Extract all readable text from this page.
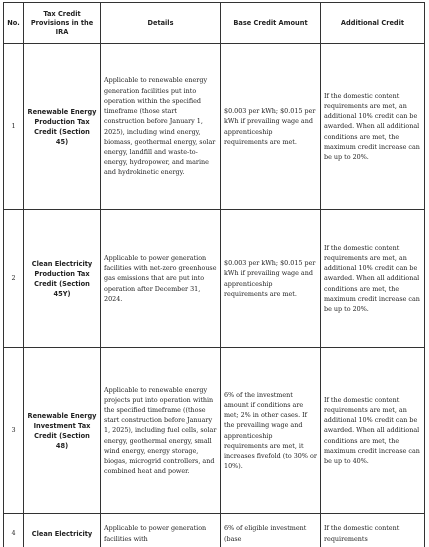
No.	Tax Credit Provisions in the IRA	Details	Base Credit Amount	Additional Credit
1	Renewable Energy Production Tax Credit (Section 45)	Applicable to renewable energy generation facilities put into operation within the specified timeframe (those start construction before January 1, 2025), including wind energy, biomass, geothermal energy, solar energy, landfill and waste-to-energy, hydropower, and marine and hydrokinetic energy.	$0.003 per kWh; $0.015 per kWh if prevailing wage and apprenticeship requirements are met.	If the domestic content requirements are met, an additional 10% credit can be awarded. When all additional conditions are met, the maximum credit increase can be up to 20%.
2	Clean Electricity Production Tax Credit (Section 45Y)	Applicable to power generation facilities with net-zero greenhouse gas emissions that are put into operation after December 31, 2024.	$0.003 per kWh; $0.015 per kWh if prevailing wage and apprenticeship requirements are met.	If the domestic content requirements are met, an additional 10% credit can be awarded. When all additional conditions are met, the maximum credit increase can be up to 20%.
3	Renewable Energy Investment Tax Credit (Section 48)	Applicable to renewable energy projects put into operation within the specified timeframe ((those start construction before January 1, 2025), including fuel cells, solar energy, geothermal energy, small wind energy, energy storage, biogas, microgrid controllers, and combined heat and power.	6% of the investment amount if conditions are met; 2% in other cases. If the prevailing wage and apprenticeship requirements are met, it increases fivefold (to 30% or 10%).	If the domestic content requirements are met, an additional 10% credit can be awarded. When all additional conditions are met, the maximum credit increase can be up to 40%.
4	Clean Electricity	Applicable to power generation facilities with	6% of eligible investment (base	If the domestic content requirements
